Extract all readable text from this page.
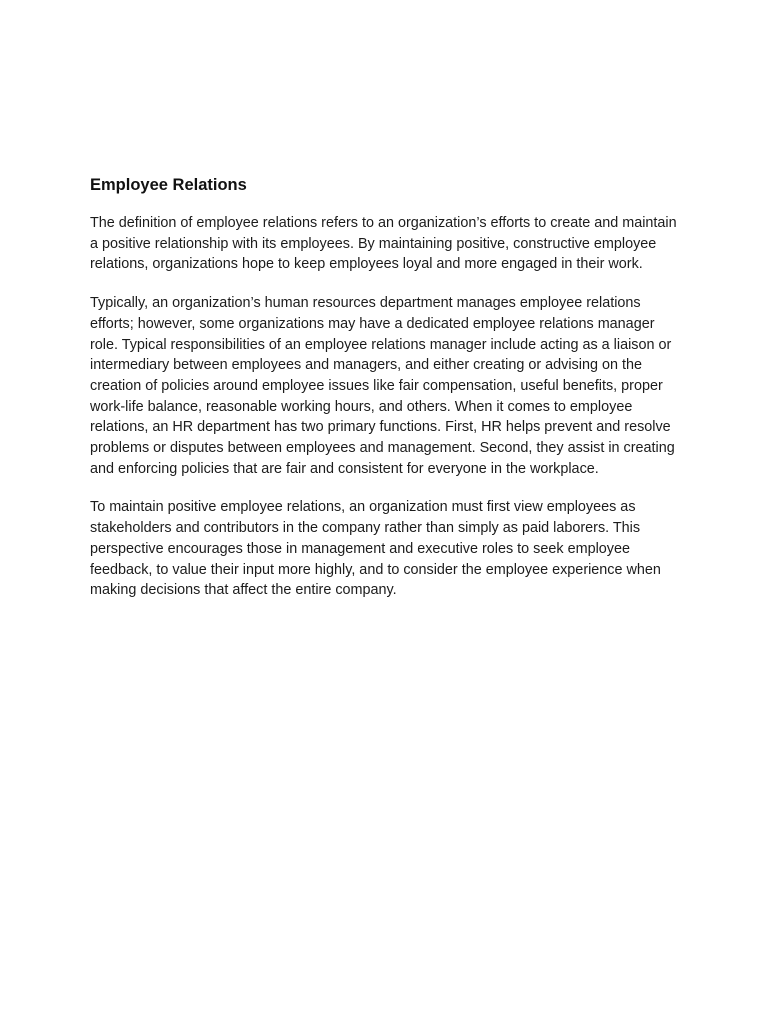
Employee Relations

The definition of employee relations refers to an organization’s efforts to create and maintain a positive relationship with its employees. By maintaining positive, constructive employee relations, organizations hope to keep employees loyal and more engaged in their work.

Typically, an organization’s human resources department manages employee relations efforts; however, some organizations may have a dedicated employee relations manager role. Typical responsibilities of an employee relations manager include acting as a liaison or intermediary between employees and managers, and either creating or advising on the creation of policies around employee issues like fair compensation, useful benefits, proper work-life balance, reasonable working hours, and others. When it comes to employee relations, an HR department has two primary functions. First, HR helps prevent and resolve problems or disputes between employees and management. Second, they assist in creating and enforcing policies that are fair and consistent for everyone in the workplace.

To maintain positive employee relations, an organization must first view employees as stakeholders and contributors in the company rather than simply as paid laborers. This perspective encourages those in management and executive roles to seek employee feedback, to value their input more highly, and to consider the employee experience when making decisions that affect the entire company.
